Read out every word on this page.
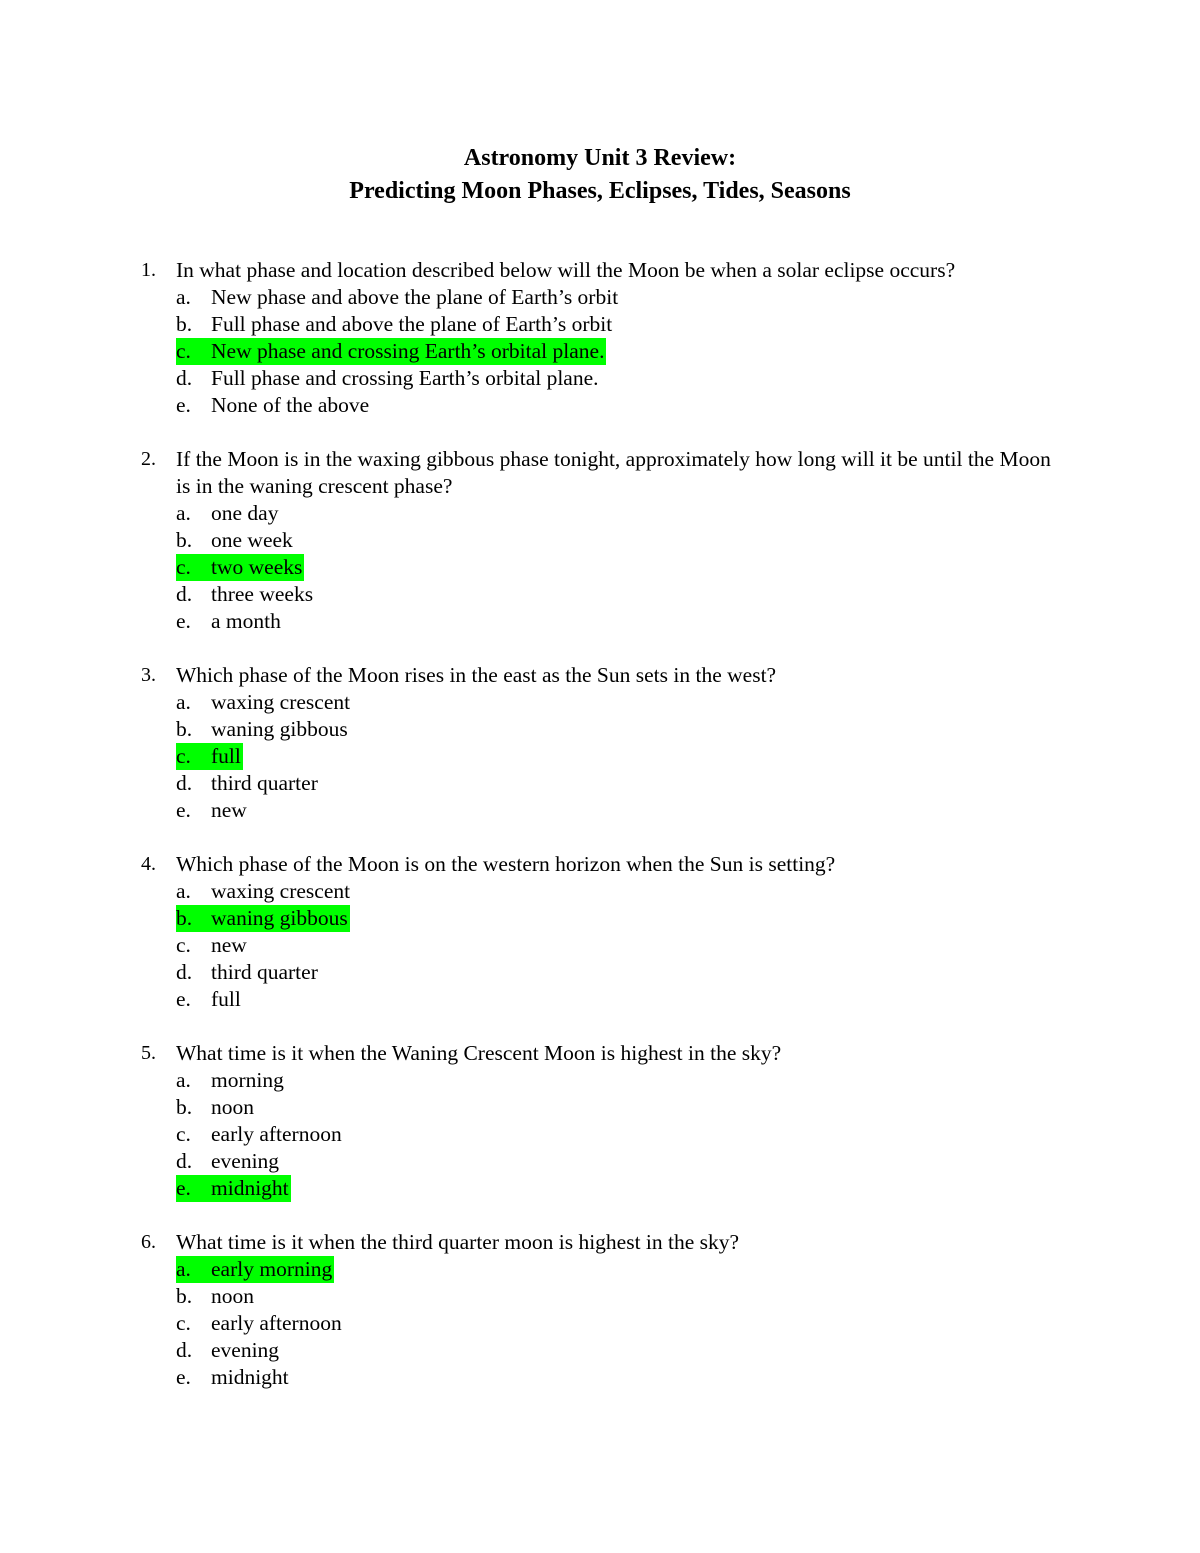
Astronomy Unit 3 Review:
Predicting Moon Phases, Eclipses, Tides, Seasons
1. In what phase and location described below will the Moon be when a solar eclipse occurs?
a. New phase and above the plane of Earth’s orbit
b. Full phase and above the plane of Earth’s orbit
c. New phase and crossing Earth’s orbital plane.
d. Full phase and crossing Earth’s orbital plane.
e. None of the above
2. If the Moon is in the waxing gibbous phase tonight, approximately how long will it be until the Moon is in the waning crescent phase?
a. one day
b. one week
c. two weeks
d. three weeks
e. a month
3. Which phase of the Moon rises in the east as the Sun sets in the west?
a. waxing crescent
b. waning gibbous
c. full
d. third quarter
e. new
4. Which phase of the Moon is on the western horizon when the Sun is setting?
a. waxing crescent
b. waning gibbous
c. new
d. third quarter
e. full
5. What time is it when the Waning Crescent Moon is highest in the sky?
a. morning
b. noon
c. early afternoon
d. evening
e. midnight
6. What time is it when the third quarter moon is highest in the sky?
a. early morning
b. noon
c. early afternoon
d. evening
e. midnight
